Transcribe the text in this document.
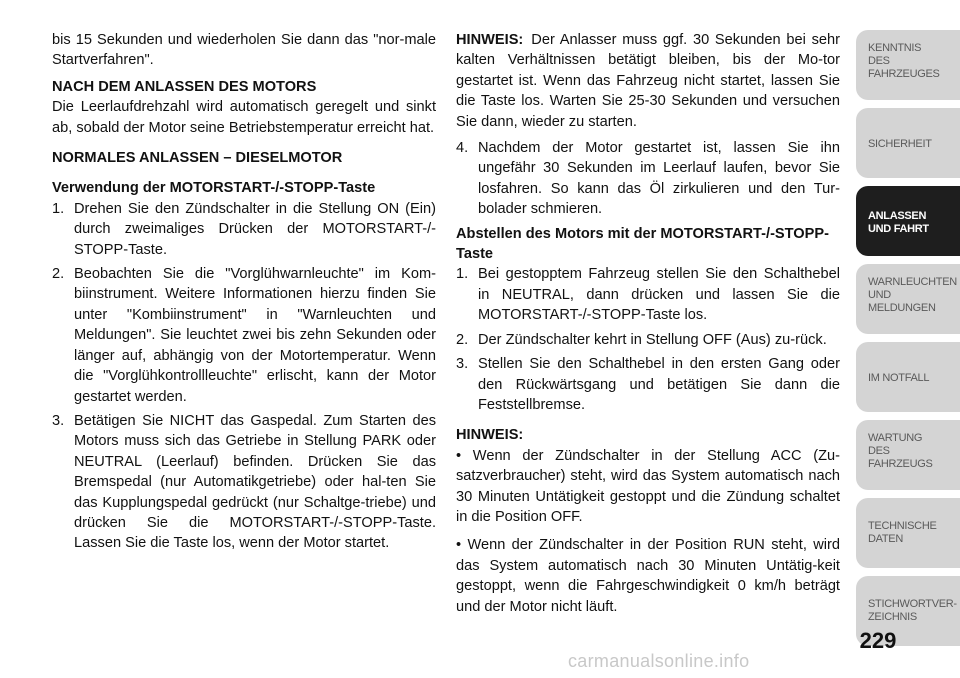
bis 15 Sekunden und wiederholen Sie dann das "nor-male Startverfahren".

NACH DEM ANLASSEN DES MOTORS

Die Leerlaufdrehzahl wird automatisch geregelt und sinkt ab, sobald der Motor seine Betriebstemperatur erreicht hat.

NORMALES ANLASSEN – DIESELMOTOR

Verwendung der MOTORSTART-/-STOPP-Taste

1. Drehen Sie den Zündschalter in die Stellung ON (Ein) durch zweimaliges Drücken der MOTORSTART-/-STOPP-Taste.
2. Beobachten Sie die "Vorglühwarnleuchte" im Kom-biinstrument. Weitere Informationen hierzu finden Sie unter "Kombiinstrument" in "Warnleuchten und Meldungen". Sie leuchtet zwei bis zehn Sekunden oder länger auf, abhängig von der Motortemperatur. Wenn die "Vorglühkontrollleuchte" erlischt, kann der Motor gestartet werden.
3. Betätigen Sie NICHT das Gaspedal. Zum Starten des Motors muss sich das Getriebe in Stellung PARK oder NEUTRAL (Leerlauf) befinden. Drücken Sie das Bremspedal (nur Automatikgetriebe) oder hal-ten Sie das Kupplungspedal gedrückt (nur Schaltge-triebe) und drücken Sie die MOTORSTART-/-STOPP-Taste. Lassen Sie die Taste los, wenn der Motor startet.

HINWEIS: Der Anlasser muss ggf. 30 Sekunden bei sehr kalten Verhältnissen betätigt bleiben, bis der Mo-tor gestartet ist. Wenn das Fahrzeug nicht startet, lassen Sie die Taste los. Warten Sie 25-30 Sekunden und versuchen Sie dann, wieder zu starten.

4. Nachdem der Motor gestartet ist, lassen Sie ihn ungefähr 30 Sekunden im Leerlauf laufen, bevor Sie losfahren. So kann das Öl zirkulieren und den Tur-bolader schmieren.

Abstellen des Motors mit der MOTORSTART-/-STOPP-Taste

1. Bei gestopptem Fahrzeug stellen Sie den Schalthebel in NEUTRAL, dann drücken und lassen Sie die MOTORSTART-/-STOPP-Taste los.
2. Der Zündschalter kehrt in Stellung OFF (Aus) zu-rück.
3. Stellen Sie den Schalthebel in den ersten Gang oder den Rückwärtsgang und betätigen Sie dann die Feststellbremse.

HINWEIS:

• Wenn der Zündschalter in der Stellung ACC (Zu-satzverbraucher) steht, wird das System automatisch nach 30 Minuten Untätigkeit gestoppt und die Zündung schaltet in die Position OFF.

• Wenn der Zündschalter in der Position RUN steht, wird das System automatisch nach 30 Minuten Untätig-keit gestoppt, wenn die Fahrgeschwindigkeit 0 km/h beträgt und der Motor nicht läuft.

KENNTNIS
DES
FAHRZEUGES
SICHERHEIT
ANLASSEN
UND FAHRT
WARNLEUCHTEN
UND
MELDUNGEN
IM NOTFALL
WARTUNG
DES
FAHRZEUGS
TECHNISCHE
DATEN
STICHWORTVER-
ZEICHNIS
229
carmanualsonline.info
